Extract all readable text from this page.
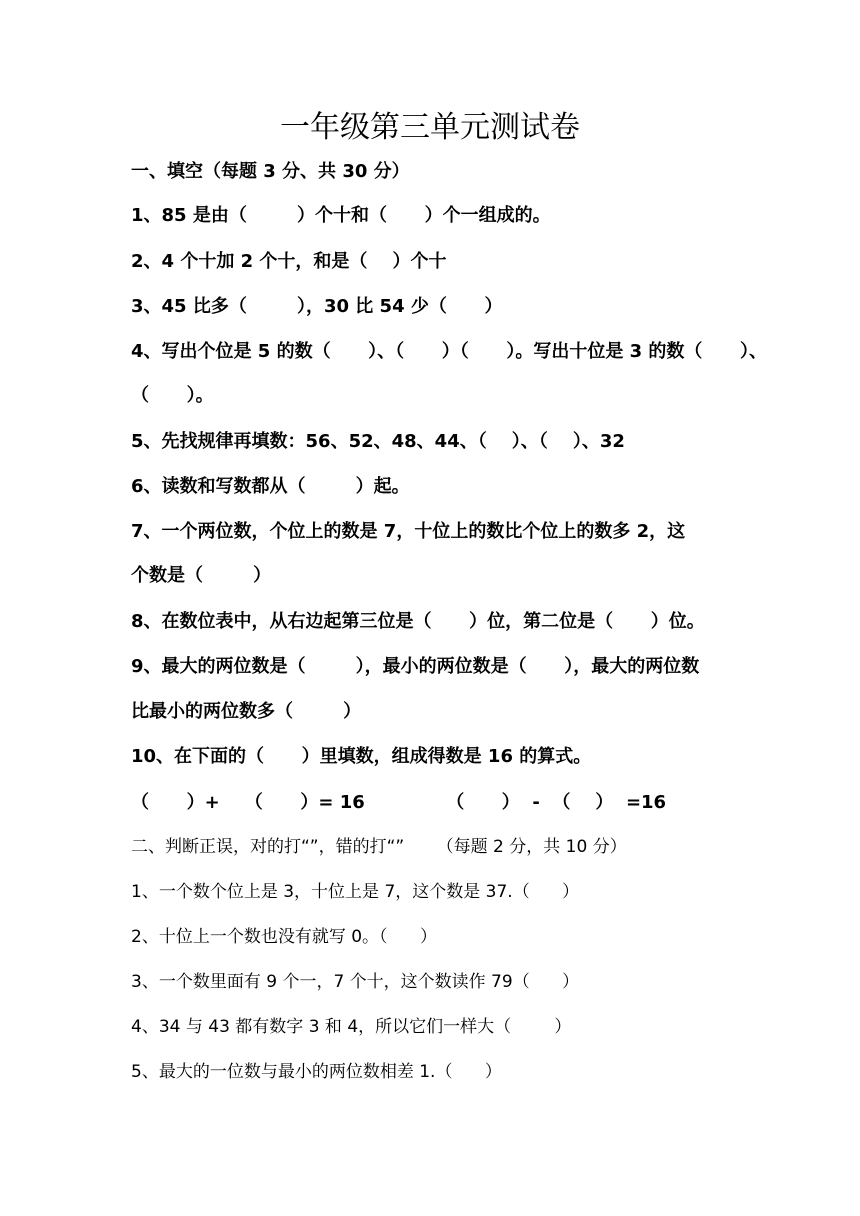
一年级第三单元测试卷
一、填空（每题 3 分、共 30 分）
1、85 是由（        ）个十和（      ）个一组成的。
2、4 个十加 2 个十，和是（    ）个十
3、45 比多（        ），30 比 54 少（      ）
4、写出个位是 5 的数（      ）、（      ）（      ）。写出十位是 3 的数（      ）、
（      ）。
5、先找规律再填数：56、52、48、44、（    ）、（    ）、32
6、读数和写数都从（        ）起。
7、一个两位数，个位上的数是 7，十位上的数比个位上的数多 2，这
个数是（        ）
8、在数位表中，从右边起第三位是（      ）位，第二位是（      ）位。
9、最大的两位数是（        ），最小的两位数是（      ），最大的两位数
比最小的两位数多（        ）
10、在下面的（      ）里填数，组成得数是 16 的算式。
（      ）+    （      ）= 16             （      ）  -  （    ）  =16
二、判断正误，对的打“”，错的打“”      （每题 2 分，共 10 分）
1、一个数个位上是 3，十位上是 7，这个数是 37.（      ）
2、十位上一个数也没有就写 0。（      ）
3、一个数里面有 9 个一，7 个十，这个数读作 79（      ）
4、34 与 43 都有数字 3 和 4，所以它们一样大（        ）
5、最大的一位数与最小的两位数相差 1.（      ）
